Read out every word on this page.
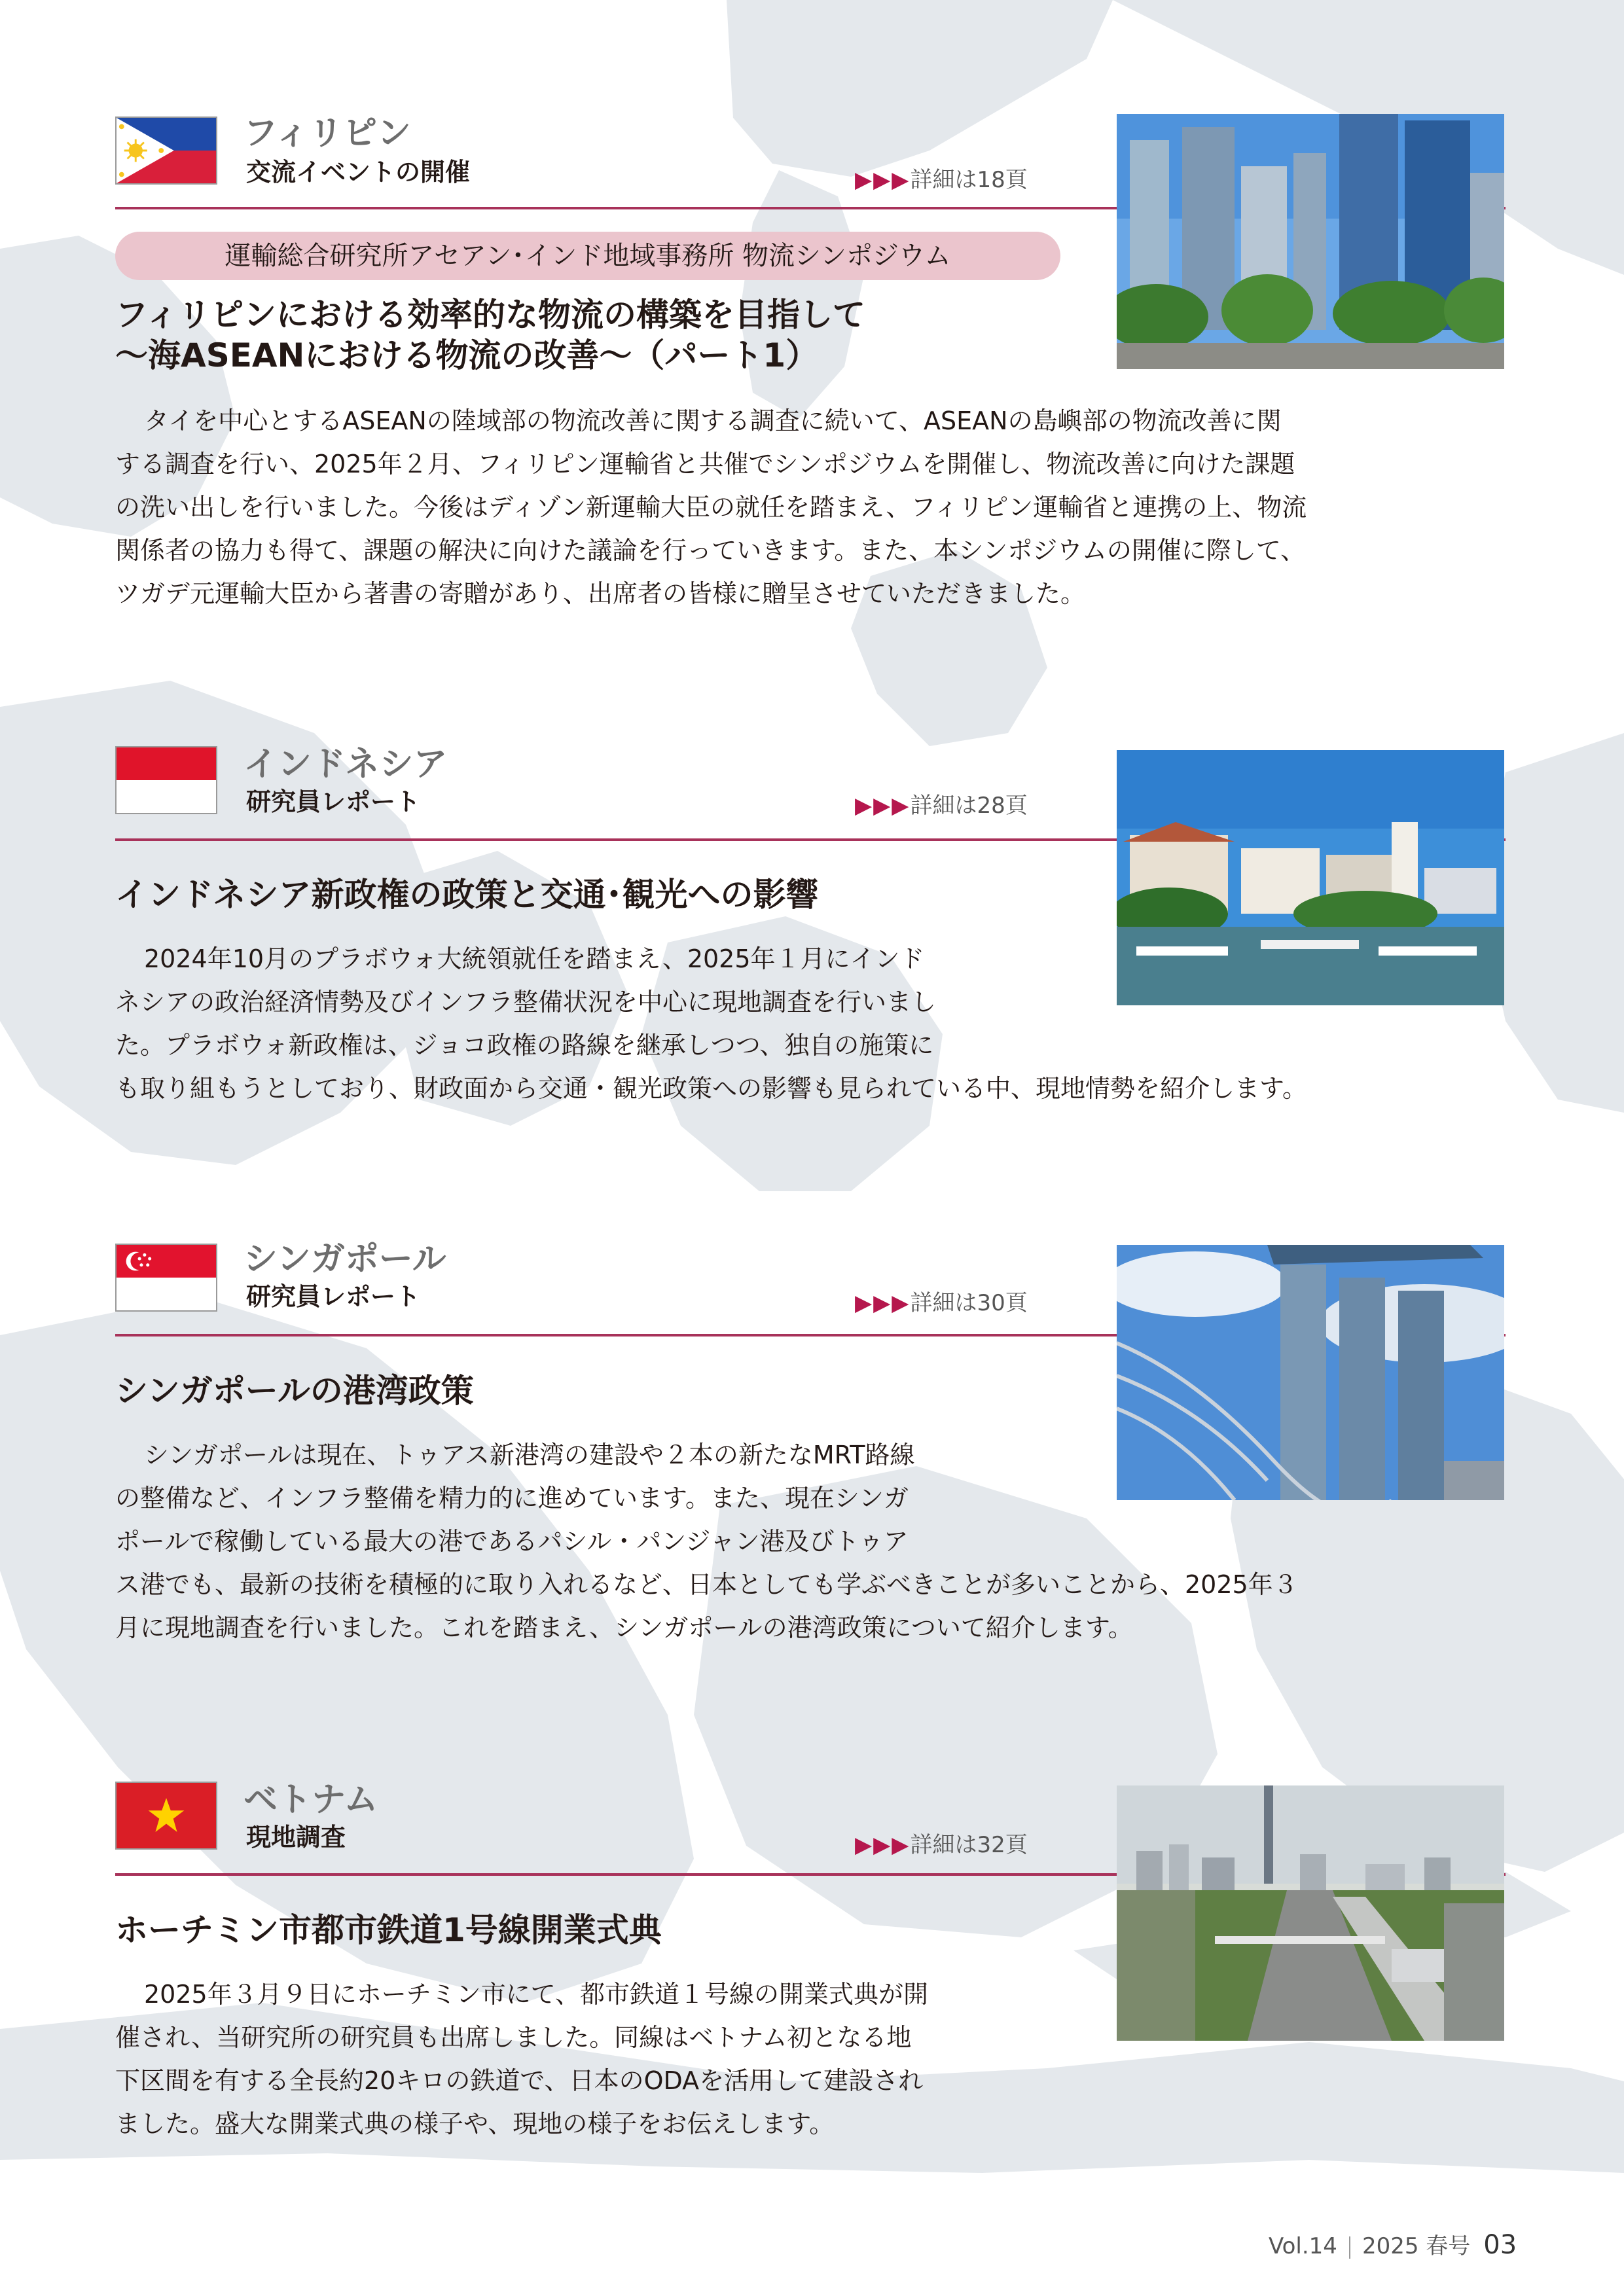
フィリピン
交流イベントの開催	▶▶▶詳細は18頁
運輸総合研究所アセアン･インド地域事務所 物流シンポジウム
フィリピンにおける効率的な物流の構築を目指して
〜海ASEANにおける物流の改善〜（パート1）
タイを中心とするASEANの陸域部の物流改善に関する調査に続いて、ASEANの島嶼部の物流改善に関
する調査を行い、2025年２月、フィリピン運輸省と共催でシンポジウムを開催し、物流改善に向けた課題
の洗い出しを行いました。今後はディゾン新運輸大臣の就任を踏まえ、フィリピン運輸省と連携の上、物流
関係者の協力も得て、課題の解決に向けた議論を行っていきます。また、本シンポジウムの開催に際して、
ツガデ元運輸大臣から著書の寄贈があり、出席者の皆様に贈呈させていただきました。
インドネシア
研究員レポート	▶▶▶詳細は28頁
インドネシア新政権の政策と交通･観光への影響
2024年10月のプラボウォ大統領就任を踏まえ、2025年１月にインド
ネシアの政治経済情勢及びインフラ整備状況を中心に現地調査を行いまし
た。プラボウォ新政権は、ジョコ政権の路線を継承しつつ、独自の施策に
も取り組もうとしており、財政面から交通・観光政策への影響も見られている中、現地情勢を紹介します。
シンガポール
研究員レポート	▶▶▶詳細は30頁
シンガポールの港湾政策
シンガポールは現在、トゥアス新港湾の建設や２本の新たなMRT路線
の整備など、インフラ整備を精力的に進めています。また、現在シンガ
ポールで稼働している最大の港であるパシル・パンジャン港及びトゥア
ス港でも、最新の技術を積極的に取り入れるなど、日本としても学ぶべきことが多いことから、2025年３
月に現地調査を行いました。これを踏まえ、シンガポールの港湾政策について紹介します。
ベトナム
現地調査	▶▶▶詳細は32頁
ホーチミン市都市鉄道1号線開業式典
2025年３月９日にホーチミン市にて、都市鉄道１号線の開業式典が開
催され、当研究所の研究員も出席しました。同線はベトナム初となる地
下区間を有する全長約20キロの鉄道で、日本のODAを活用して建設され
ました。盛大な開業式典の様子や、現地の様子をお伝えします。
Vol.14 2025 春号 03
